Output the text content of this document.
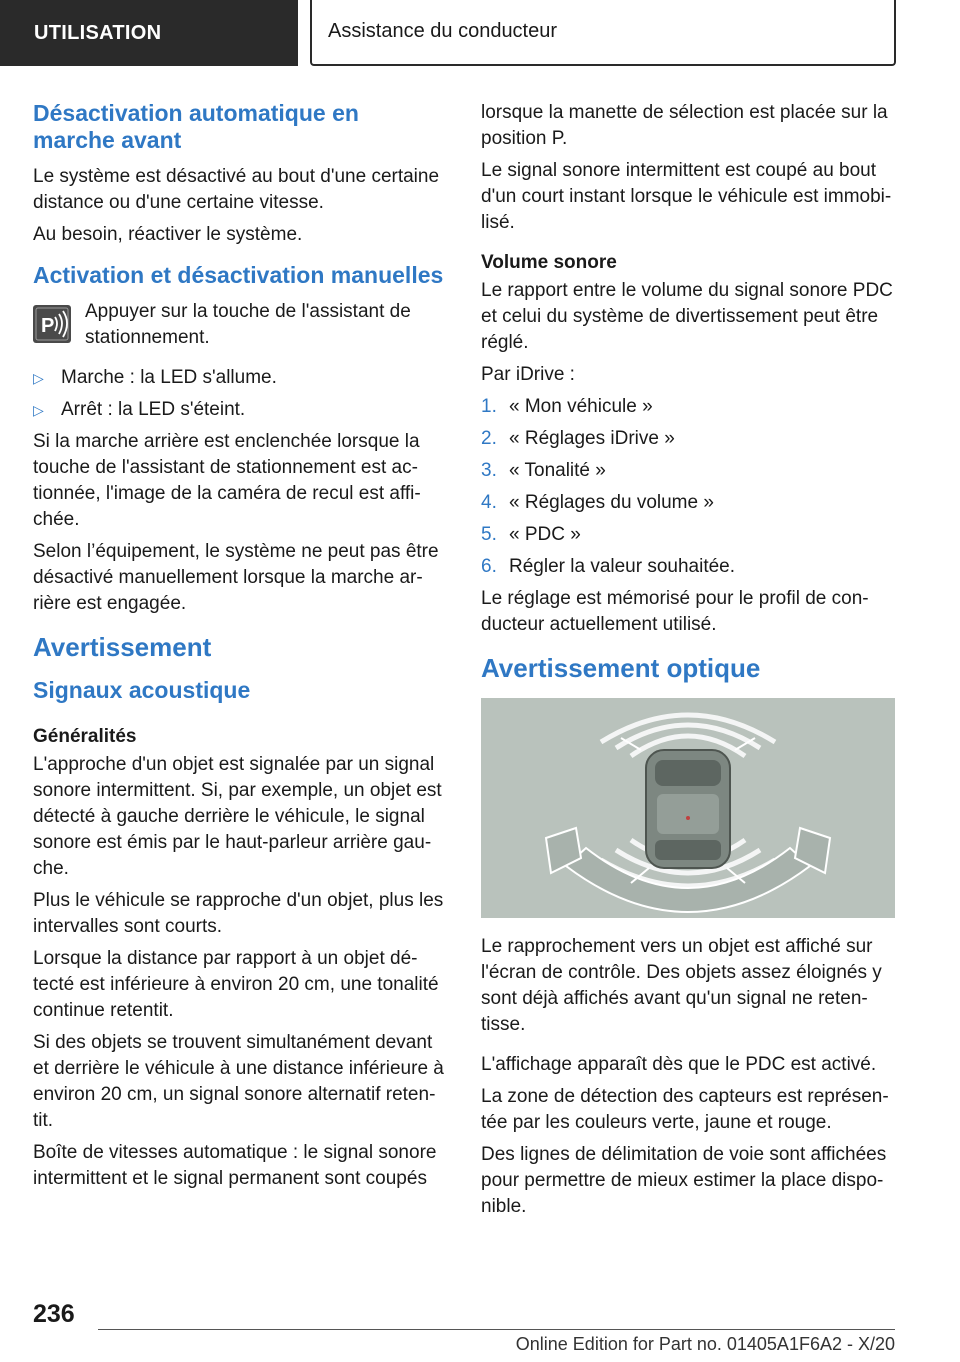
UTILISATION	Assistance du conducteur
Désactivation automatique en marche avant

Le système est désactivé au bout d'une certaine distance ou d'une certaine vitesse.

Au besoin, réactiver le système.

Activation et désactivation manuelles
P

Appuyer sur la touche de l'assistant de stationnement.

▷ Marche : la LED s'allume.
▷ Arrêt : la LED s'éteint.

Si la marche arrière est enclenchée lorsque la touche de l'assistant de stationnement est actionnée, l'image de la caméra de recul est affichée.

Selon l’équipement, le système ne peut pas être désactivé manuellement lorsque la marche arrière est engagée.

Avertissement
Signaux acoustique
Généralités

L'approche d'un objet est signalée par un signal sonore intermittent. Si, par exemple, un objet est détecté à gauche derrière le véhicule, le signal sonore est émis par le haut-parleur arrière gauche.

Plus le véhicule se rapproche d'un objet, plus les intervalles sont courts.

Lorsque la distance par rapport à un objet détecté est inférieure à environ 20 cm, une tonalité continue retentit.

Si des objets se trouvent simultanément devant et derrière le véhicule à une distance inférieure à environ 20 cm, un signal sonore alternatif retentit.

Boîte de vitesses automatique : le signal sonore intermittent et le signal permanent sont coupés

lorsque la manette de sélection est placée sur la position P.

Le signal sonore intermittent est coupé au bout d'un court instant lorsque le véhicule est immobilisé.

Volume sonore

Le rapport entre le volume du signal sonore PDC et celui du système de divertissement peut être réglé.

Par iDrive :

1. « Mon véhicule »
2. « Réglages iDrive »
3. « Tonalité »
4. « Réglages du volume »
5. « PDC »
6. Régler la valeur souhaitée.

Le réglage est mémorisé pour le profil de conducteur actuellement utilisé.

Avertissement optique

Le rapprochement vers un objet est affiché sur l'écran de contrôle. Des objets assez éloignés y sont déjà affichés avant qu'un signal ne retentisse.

L'affichage apparaît dès que le PDC est activé.

La zone de détection des capteurs est représentée par les couleurs verte, jaune et rouge.

Des lignes de délimitation de voie sont affichées pour permettre de mieux estimer la place disponible.

236
Online Edition for Part no. 01405A1F6A2 - X/20
